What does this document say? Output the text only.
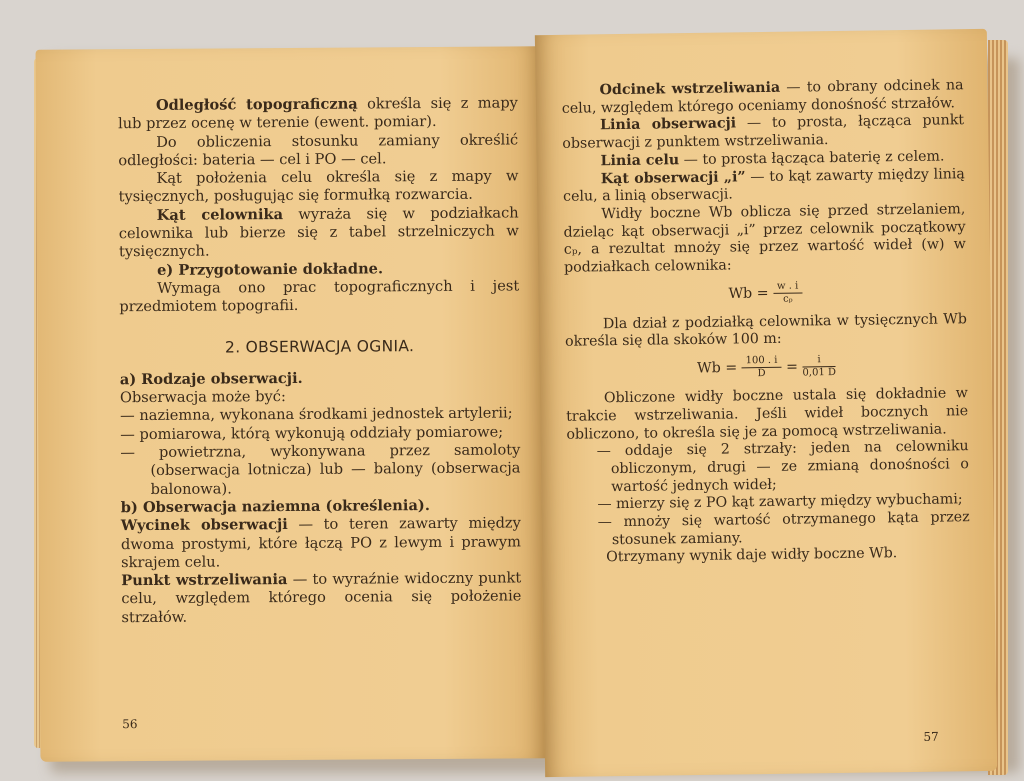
Odległość topograficzną określa się z mapy lub przez ocenę w terenie (ewent. pomiar).

Do obliczenia stosunku zamiany określić odległości: bateria — cel i PO — cel.

Kąt położenia celu określa się z mapy w tysięcznych, posługując się formułką rozwarcia.

Kąt celownika wyraża się w podziałkach celownika lub bierze się z tabel strzelniczych w tysięcznych.

e) Przygotowanie dokładne.

Wymaga ono prac topograficznych i jest przedmiotem topografii.

2. OBSERWACJA OGNIA.

a) Rodzaje obserwacji.

Obserwacja może być:

— naziemna, wykonana środkami jednostek artylerii;

— pomiarowa, którą wykonują oddziały pomiarowe;

— powietrzna, wykonywana przez samoloty (obserwacja lotnicza) lub — balony (obserwacja balonowa).

b) Obserwacja naziemna (określenia).

Wycinek obserwacji — to teren zawarty między dwoma prostymi, które łączą PO z lewym i prawym skrajem celu.

Punkt wstrzeliwania — to wyraźnie widoczny punkt celu, względem którego ocenia się położenie strzałów.

56

Odcinek wstrzeliwania — to obrany odcinek na celu, względem którego oceniamy donośność strzałów.

Linia obserwacji — to prosta, łącząca punkt obserwacji z punktem wstrzeliwania.

Linia celu — to prosta łącząca baterię z celem.

Kąt obserwacji „i” — to kąt zawarty między linią celu, a linią obserwacji.

Widły boczne Wb oblicza się przed strzelaniem, dzieląc kąt obserwacji „i” przez celownik początkowy cₚ, a rezultat mnoży się przez wartość wideł (w) w podziałkach celownika:

$Wb = \frac{w . i}{\text{cₚ}}$

Dla dział z podziałką celownika w tysięcznych Wb określa się dla skoków 100 m:

$Wb = \frac{100 . i}{D} = \frac{i}{0,01 D}$

Obliczone widły boczne ustala się dokładnie w trakcie wstrzeliwania. Jeśli wideł bocznych nie obliczono, to określa się je za pomocą wstrzeliwania.

— oddaje się 2 strzały: jeden na celowniku obliczonym, drugi — ze zmianą donośności o wartość jednych wideł;

— mierzy się z PO kąt zawarty między wybuchami;

— mnoży się wartość otrzymanego kąta przez stosunek zamiany.

Otrzymany wynik daje widły boczne Wb.

57
